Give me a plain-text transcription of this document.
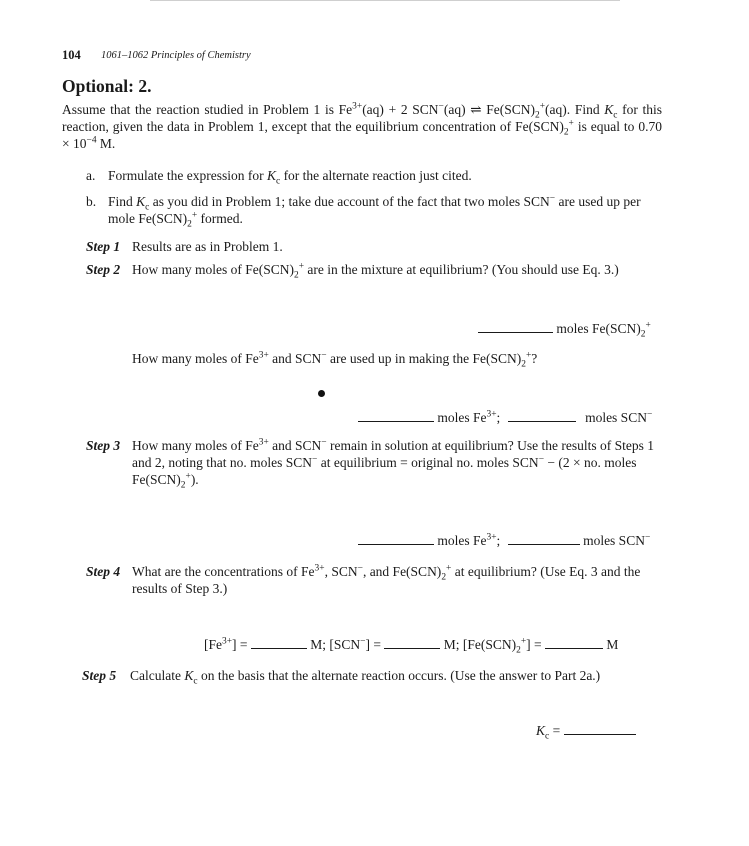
104 1061–1062 Principles of Chemistry
Optional: 2.
Assume that the reaction studied in Problem 1 is $Fe^{3+}(aq) + 2$ SCN−(aq) ⇌ $Fe(SCN)_2^+(aq)$. Find $K_c$ for this reaction, given the data in Problem 1, except that the equilibrium concentration of $Fe(SCN)_2^+$ is equal to $0.70 \times 10^{-4}$ M.
a. Formulate the expression for $K_c$ for the alternate reaction just cited.
b. Find $K_c$ as you did in Problem 1; take due account of the fact that two moles SCN− are used up per mole $Fe(SCN)_2^+$ formed.
Step 1 Results are as in Problem 1.
Step 2 How many moles of $Fe(SCN)_2^+$ are in the mixture at equilibrium? (You should use Eq. 3.)
moles $Fe(SCN)_2^+$
How many moles of $Fe^{3+}$ and SCN− are used up in making the $Fe(SCN)_2^+$?
moles $Fe^{3+}$;	moles SCN−
Step 3 How many moles of $Fe^{3+}$ and SCN− remain in solution at equilibrium? Use the results of Steps 1 and 2, noting that no. moles SCN− at equilibrium = original no. moles SCN− − (2 × no. moles $Fe(SCN)_2^+$).
moles $Fe^{3+}$;	moles SCN−
Step 4 What are the concentrations of $Fe^{3+}$, SCN−, and $Fe(SCN)_2^+$ at equilibrium? (Use Eq. 3 and the results of Step 3.)
$[Fe^{3+}]$ =	M; [SCN−] =	M; $[Fe(SCN)_2^+]$ =	M
Step 5 Calculate $K_c$ on the basis that the alternate reaction occurs. (Use the answer to Part 2a.)
$K_c$ =
